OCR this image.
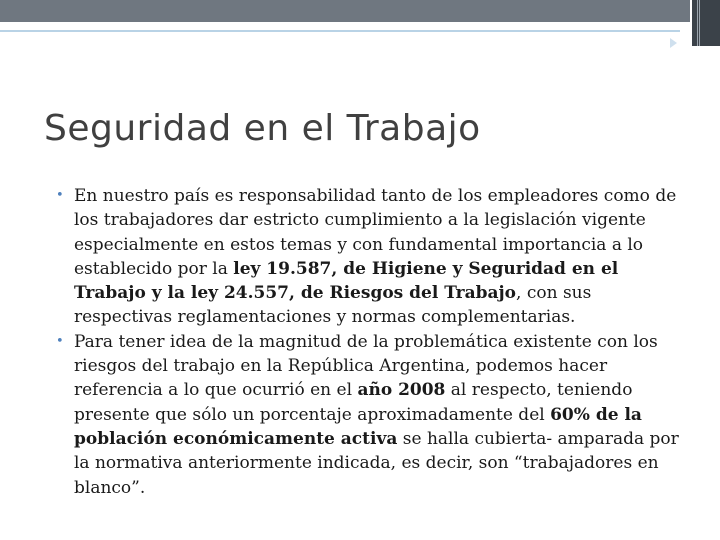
Seguridad en el Trabajo
• En nuestro país es responsabilidad tanto de los empleadores como de los trabajadores dar estricto cumplimiento a la legislación vigente especialmente en estos temas y con fundamental importancia a lo establecido por la ley 19.587, de Higiene y Seguridad en el Trabajo y la ley 24.557, de Riesgos del Trabajo, con sus respectivas reglamentaciones y normas complementarias.
• Para tener idea de la magnitud de la problemática existente con los riesgos del trabajo en la República Argentina, podemos hacer referencia a lo que ocurrió en el año 2008 al respecto, teniendo presente que sólo un porcentaje aproximadamente del 60% de la población económicamente activa se halla cubierta- amparada por la normativa anteriormente indicada, es decir, son “trabajadores en blanco”.
